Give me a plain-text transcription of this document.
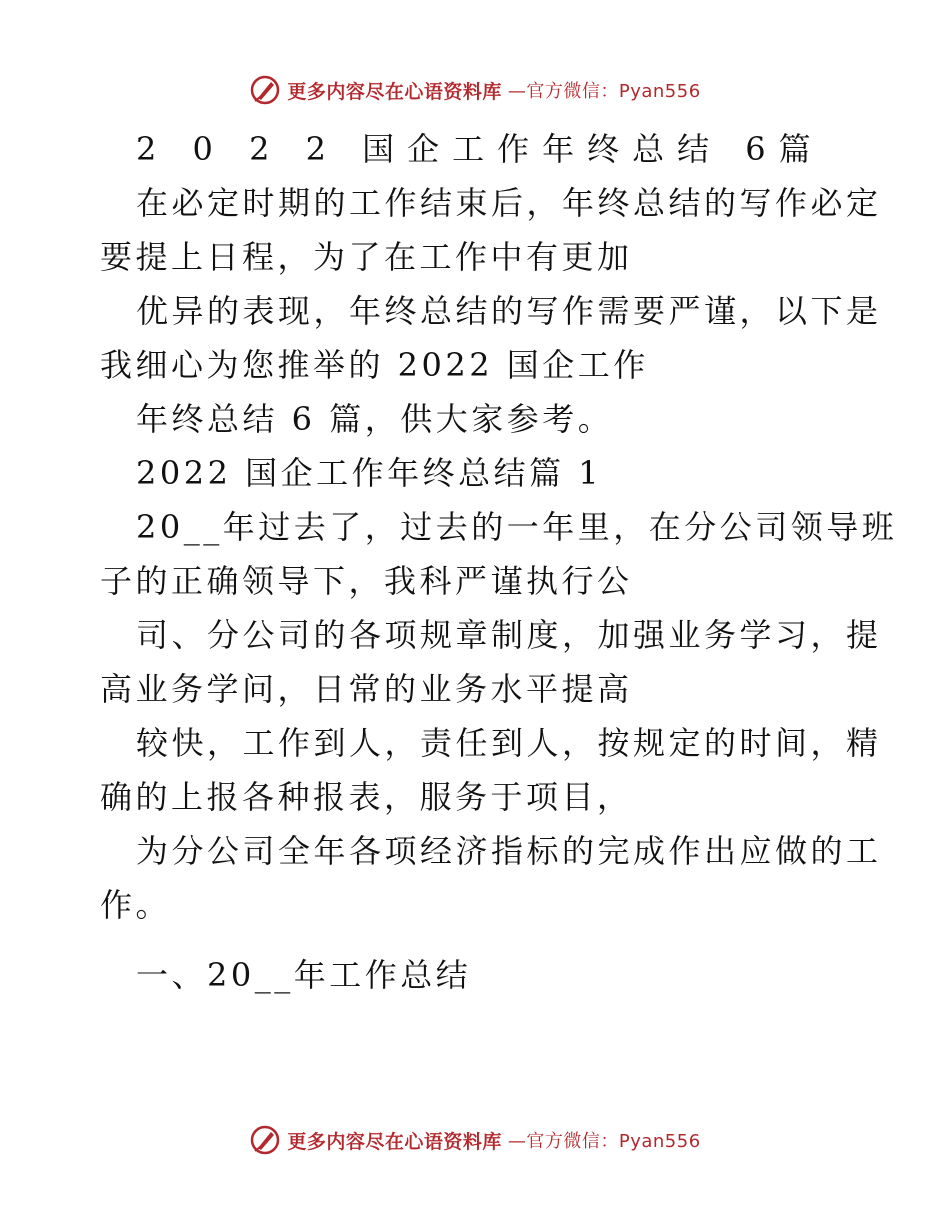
更多内容尽在心语资料库 —官方微信：Pyan556
2 0 2 2 国企工作年终总结 6篇
在必定时期的工作结束后，年终总结的写作必定
要提上日程，为了在工作中有更加
优异的表现，年终总结的写作需要严谨，以下是
我细心为您推举的 2022 国企工作
年终总结 6 篇，供大家参考。
2022 国企工作年终总结篇 1
20__年过去了，过去的一年里，在分公司领导班
子的正确领导下，我科严谨执行公
司、分公司的各项规章制度，加强业务学习，提
高业务学问，日常的业务水平提高
较快，工作到人，责任到人，按规定的时间，精
确的上报各种报表，服务于项目，
为分公司全年各项经济指标的完成作出应做的工
作。
一、20__年工作总结
更多内容尽在心语资料库 —官方微信：Pyan556
